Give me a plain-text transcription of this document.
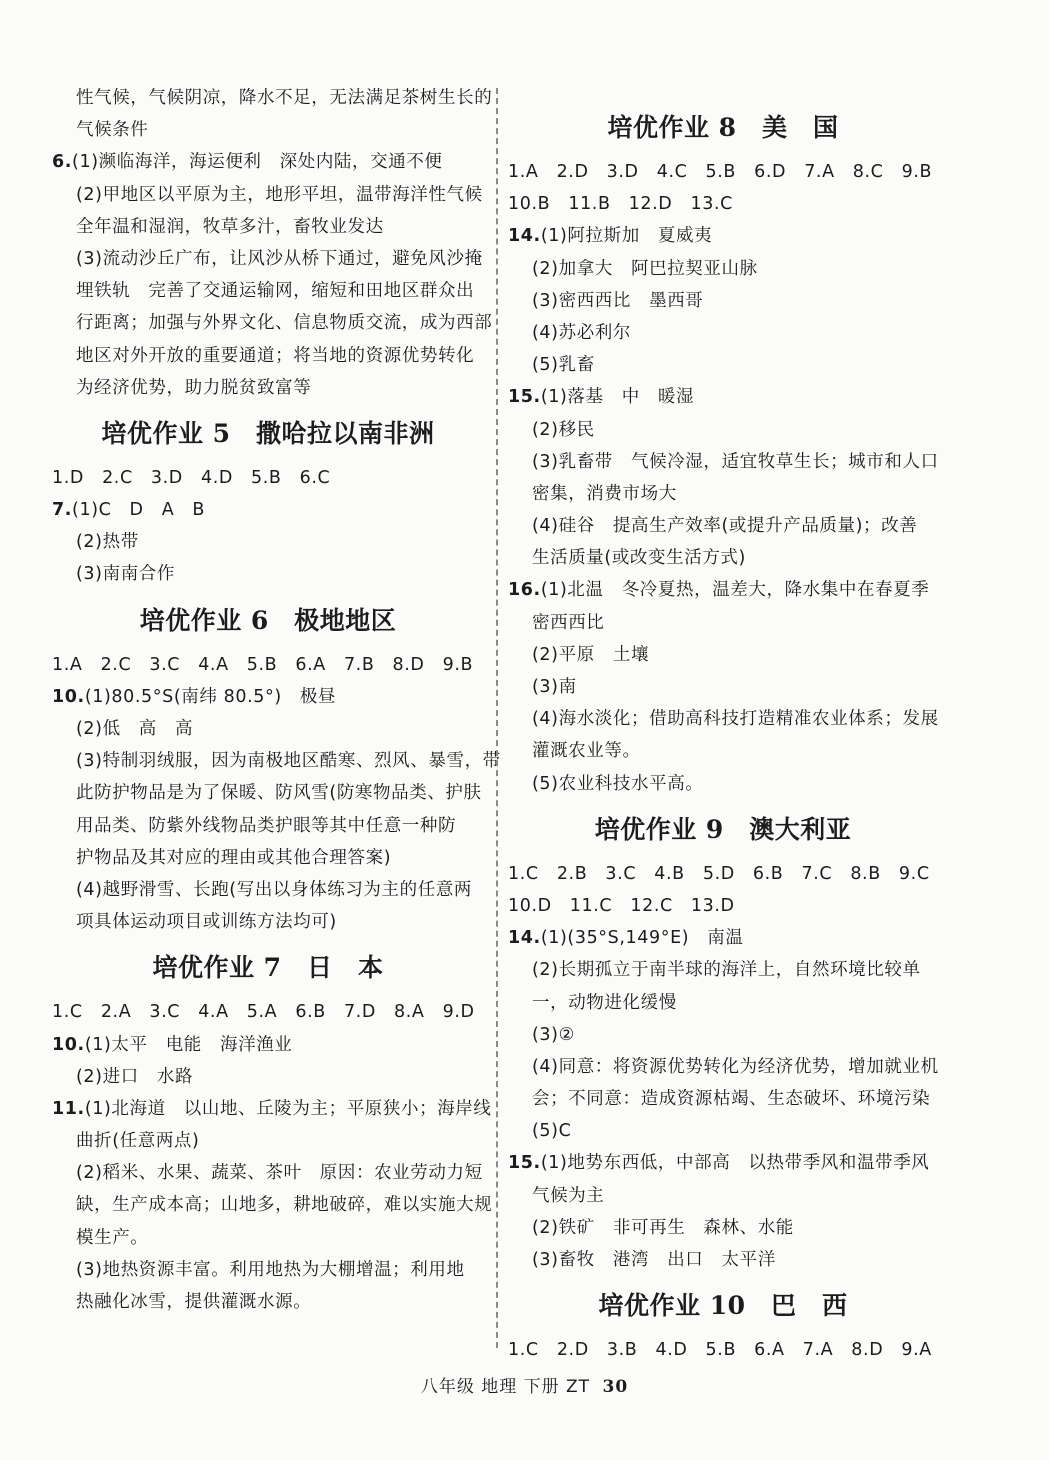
性气候，气候阴凉，降水不足，无法满足茶树生长的
气候条件
6.(1)濒临海洋，海运便利　深处内陆，交通不便
(2)甲地区以平原为主，地形平坦，温带海洋性气候
全年温和湿润，牧草多汁，畜牧业发达
(3)流动沙丘广布，让风沙从桥下通过，避免风沙掩
埋铁轨　完善了交通运输网，缩短和田地区群众出
行距离；加强与外界文化、信息物质交流，成为西部
地区对外开放的重要通道；将当地的资源优势转化
为经济优势，助力脱贫致富等
培优作业 5　撒哈拉以南非洲
1.D　2.C　3.D　4.D　5.B　6.C
7.(1)C　D　A　B
(2)热带
(3)南南合作
培优作业 6　极地地区
1.A　2.C　3.C　4.A　5.B　6.A　7.B　8.D　9.B
10.(1)80.5°S(南纬 80.5°)　极昼
(2)低　高　高
(3)特制羽绒服，因为南极地区酷寒、烈风、暴雪，带
此防护物品是为了保暖、防风雪(防寒物品类、护肤
用品类、防紫外线物品类护眼等其中任意一种防
护物品及其对应的理由或其他合理答案)
(4)越野滑雪、长跑(写出以身体练习为主的任意两
项具体运动项目或训练方法均可)
培优作业 7　日　本
1.C　2.A　3.C　4.A　5.A　6.B　7.D　8.A　9.D
10.(1)太平　电能　海洋渔业
(2)进口　水路
11.(1)北海道　以山地、丘陵为主；平原狭小；海岸线
曲折(任意两点)
(2)稻米、水果、蔬菜、茶叶　原因：农业劳动力短
缺，生产成本高；山地多，耕地破碎，难以实施大规
模生产。
(3)地热资源丰富。利用地热为大棚增温；利用地
热融化冰雪，提供灌溉水源。
培优作业 8　美　国
1.A　2.D　3.D　4.C　5.B　6.D　7.A　8.C　9.B
10.B　11.B　12.D　13.C
14.(1)阿拉斯加　夏威夷
(2)加拿大　阿巴拉契亚山脉
(3)密西西比　墨西哥
(4)苏必利尔
(5)乳畜
15.(1)落基　中　暖湿
(2)移民
(3)乳畜带　气候冷湿，适宜牧草生长；城市和人口
密集，消费市场大
(4)硅谷　提高生产效率(或提升产品质量)；改善
生活质量(或改变生活方式)
16.(1)北温　冬冷夏热，温差大，降水集中在春夏季
密西西比
(2)平原　土壤
(3)南
(4)海水淡化；借助高科技打造精准农业体系；发展
灌溉农业等。
(5)农业科技水平高。
培优作业 9　澳大利亚
1.C　2.B　3.C　4.B　5.D　6.B　7.C　8.B　9.C
10.D　11.C　12.C　13.D
14.(1)(35°S,149°E)　南温
(2)长期孤立于南半球的海洋上，自然环境比较单
一，动物进化缓慢
(3)②
(4)同意：将资源优势转化为经济优势，增加就业机
会；不同意：造成资源枯竭、生态破坏、环境污染
(5)C
15.(1)地势东西低，中部高　以热带季风和温带季风
气候为主
(2)铁矿　非可再生　森林、水能
(3)畜牧　港湾　出口　太平洋
培优作业 10　巴　西
1.C　2.D　3.B　4.D　5.B　6.A　7.A　8.D　9.A
八年级 地理 下册 ZT 30
